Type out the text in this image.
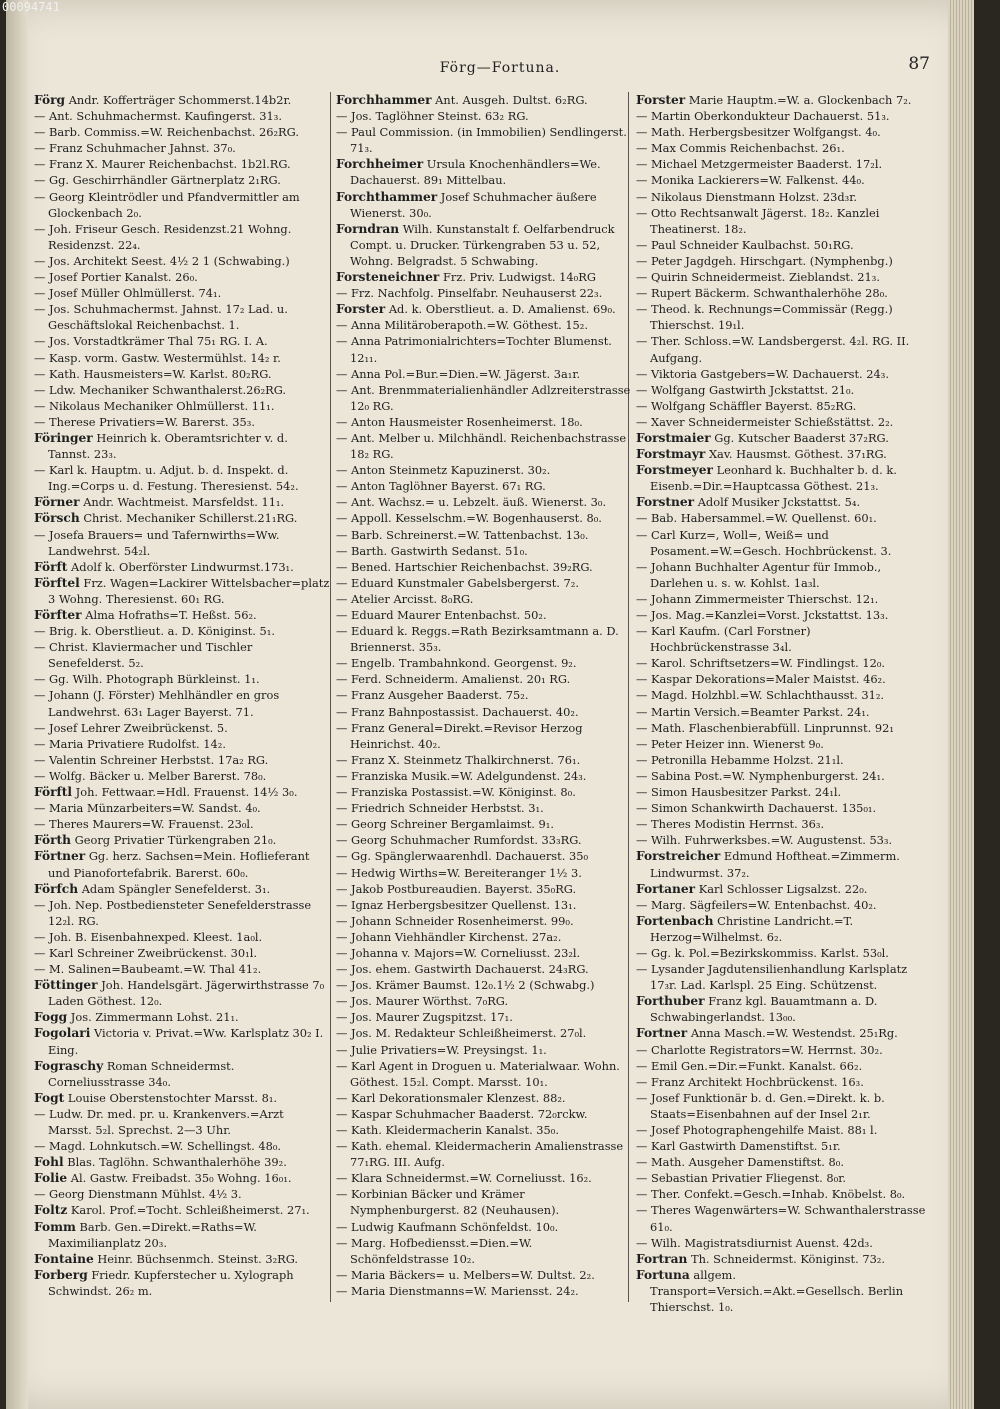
00094741
Förg—Fortuna.	87

Förg Andr. Kofferträger Schommerst.14b2r.

— Ant. Schuhmachermst. Kaufingerst. 31₃.

— Barb. Commiss.=W. Reichenbachst. 26₂RG.

— Franz Schuhmacher Jahnst. 37₀.

— Franz X. Maurer Reichenbachst. 1b2l.RG.

— Gg. Geschirrhändler Gärtnerplatz 2₁RG.

— Georg Kleintrödler und Pfandvermittler am Glockenbach 2₀.

— Joh. Friseur Gesch. Residenzst.21 Wohng. Residenzst. 22₄.

— Jos. Architekt Seest. 4½ 2 1 (Schwabing.)

— Josef Portier Kanalst. 26₀.

— Josef Müller Ohlmüllerst. 74₁.

— Jos. Schuhmachermst. Jahnst. 17₂ Lad. u. Geschäftslokal Reichenbachst. 1.

— Jos. Vorstadtkrämer Thal 75₁ RG. I. A.

— Kasp. vorm. Gastw. Westermühlst. 14₂ r.

— Kath. Hausmeisters=W. Karlst. 80₂RG.

— Ldw. Mechaniker Schwanthalerst.26₂RG.

— Nikolaus Mechaniker Ohlmüllerst. 11₁.

— Therese Privatiers=W. Barerst. 35₃.

Föringer Heinrich k. Oberamtsrichter v. d. Tannst. 23₃.

— Karl k. Hauptm. u. Adjut. b. d. Inspekt. d. Ing.=Corps u. d. Festung. Theresienst. 54₂.

Förner Andr. Wachtmeist. Marsfeldst. 11₁.

Försch Christ. Mechaniker Schillerst.21₁RG.

— Josefa Brauers= und Tafernwirths=Ww. Landwehrst. 54₂l.

Förft Adolf k. Oberförster Lindwurmst.173₁.

Förftel Frz. Wagen=Lackirer Wittelsbacher=platz 3 Wohng. Theresienst. 60₁ RG.

Förfter Alma Hofraths=T. Heßst. 56₂.

— Brig. k. Oberstlieut. a. D. Königinst. 5₁.

— Christ. Klaviermacher und Tischler Senefelderst. 5₂.

— Gg. Wilh. Photograph Bürkleinst. 1₁.

— Johann (J. Förster) Mehlhändler en gros Landwehrst. 63₁ Lager Bayerst. 71.

— Josef Lehrer Zweibrückenst. 5.

— Maria Privatiere Rudolfst. 14₂.

— Valentin Schreiner Herbstst. 17a₂ RG.

— Wolfg. Bäcker u. Melber Barerst. 78₀.

Förftl Joh. Fettwaar.=Hdl. Frauenst. 14½ 3₀.

— Maria Münzarbeiters=W. Sandst. 4₀.

— Theres Maurers=W. Frauenst. 23₀l.

Förth Georg Privatier Türkengraben 21₀.

Förtner Gg. herz. Sachsen=Mein. Hoflieferant und Pianofortefabrik. Barerst. 60₀.

Förfch Adam Spängler Senefelderst. 3₁.

— Joh. Nep. Postbediensteter Senefelderstrasse 12₂l. RG.

— Joh. B. Eisenbahnexped. Kleest. 1a₀l.

— Karl Schreiner Zweibrückenst. 30₁l.

— M. Salinen=Baubeamt.=W. Thal 41₂.

Föttinger Joh. Handelsgärt. Jägerwirthstrasse 7₀ Laden Göthest. 12₀.

Fogg Jos. Zimmermann Lohst. 21₁.

Fogolari Victoria v. Privat.=Ww. Karlsplatz 30₂ I. Eing.

Fograschy Roman Schneidermst. Corneliusstrasse 34₀.

Fogt Louise Oberstenstochter Marsst. 8₁.

— Ludw. Dr. med. pr. u. Krankenvers.=Arzt Marsst. 5₂l. Sprechst. 2—3 Uhr.

— Magd. Lohnkutsch.=W. Schellingst. 48₀.

Fohl Blas. Taglöhn. Schwanthalerhöhe 39₂.

Folie Al. Gastw. Freibadst. 35₀ Wohng. 16₀₁.

— Georg Dienstmann Mühlst. 4½ 3.

Foltz Karol. Prof.=Tocht. Schleißheimerst. 27₁.

Fomm Barb. Gen.=Direkt.=Raths=W. Maximilianplatz 20₃.

Fontaine Heinr. Büchsenmch. Steinst. 3₂RG.

Forberg Friedr. Kupferstecher u. Xylograph Schwindst. 26₂ m.

Forchhammer Ant. Ausgeh. Dultst. 6₂RG.

— Jos. Taglöhner Steinst. 63₂ RG.

— Paul Commission. (in Immobilien) Sendlingerst. 71₃.

Forchheimer Ursula Knochenhändlers=We. Dachauerst. 89₁ Mittelbau.

Forchthammer Josef Schuhmacher äußere Wienerst. 30₀.

Forndran Wilh. Kunstanstalt f. Oelfarbendruck Compt. u. Drucker. Türkengraben 53 u. 52, Wohng. Belgradst. 5 Schwabing.

Forsteneichner Frz. Priv. Ludwigst. 14₀RG

— Frz. Nachfolg. Pinselfabr. Neuhauserst 22₃.

Forster Ad. k. Oberstlieut. a. D. Amalienst. 69₀.

— Anna Militäroberapoth.=W. Göthest. 15₂.

— Anna Patrimonialrichters=Tochter Blumenst. 12₁₁.

— Anna Pol.=Bur.=Dien.=W. Jägerst. 3a₁r.

— Ant. Brenmmaterialienhändler Adlzreiterstrasse 12₀ RG.

— Anton Hausmeister Rosenheimerst. 18₀.

— Ant. Melber u. Milchhändl. Reichenbachstrasse 18₂ RG.

— Anton Steinmetz Kapuzinerst. 30₂.

— Anton Taglöhner Bayerst. 67₁ RG.

— Ant. Wachsz.= u. Lebzelt. äuß. Wienerst. 3₀.

— Appoll. Kesselschm.=W. Bogenhauserst. 8₀.

— Barb. Schreinerst.=W. Tattenbachst. 13₀.

— Barth. Gastwirth Sedanst. 51₀.

— Bened. Hartschier Reichenbachst. 39₂RG.

— Eduard Kunstmaler Gabelsbergerst. 7₂.

— Atelier Arcisst. 8₀RG.

— Eduard Maurer Entenbachst. 50₂.

— Eduard k. Reggs.=Rath Bezirksamtmann a. D. Briennerst. 35₃.

— Engelb. Trambahnkond. Georgenst. 9₂.

— Ferd. Schneiderm. Amalienst. 20₁ RG.

— Franz Ausgeher Baaderst. 75₂.

— Franz Bahnpostassist. Dachauerst. 40₂.

— Franz General=Direkt.=Revisor Herzog Heinrichst. 40₂.

— Franz X. Steinmetz Thalkirchnerst. 76₁.

— Franziska Musik.=W. Adelgundenst. 24₃.

— Franziska Postassist.=W. Königinst. 8₀.

— Friedrich Schneider Herbstst. 3₁.

— Georg Schreiner Bergamlaimst. 9₁.

— Georg Schuhmacher Rumfordst. 33₃RG.

— Gg. Spänglerwaarenhdl. Dachauerst. 35₀

— Hedwig Wirths=W. Bereiteranger 1½ 3.

— Jakob Postbureaudien. Bayerst. 35₀RG.

— Ignaz Herbergsbesitzer Quellenst. 13₁.

— Johann Schneider Rosenheimerst. 99₀.

— Johann Viehhändler Kirchenst. 27a₂.

— Johanna v. Majors=W. Corneliusst. 23₂l.

— Jos. ehem. Gastwirth Dachauerst. 24₃RG.

— Jos. Krämer Baumst. 12₀.1½ 2 (Schwabg.)

— Jos. Maurer Wörthst. 7₀RG.

— Jos. Maurer Zugspitzst. 17₁.

— Jos. M. Redakteur Schleißheimerst. 27₀l.

— Julie Privatiers=W. Preysingst. 1₁.

— Karl Agent in Droguen u. Materialwaar. Wohn. Göthest. 15₂l. Compt. Marsst. 10₁.

— Karl Dekorationsmaler Klenzest. 88₂.

— Kaspar Schuhmacher Baaderst. 72₀rckw.

— Kath. Kleidermacherin Kanalst. 35₀.

— Kath. ehemal. Kleidermacherin Amalienstrasse 77₁RG. III. Aufg.

— Klara Schneidermst.=W. Corneliusst. 16₂.

— Korbinian Bäcker und Krämer Nymphenburgerst. 82 (Neuhausen).

— Ludwig Kaufmann Schönfeldst. 10₀.

— Marg. Hofbediensst.=Dien.=W. Schönfeldstrasse 10₂.

— Maria Bäckers= u. Melbers=W. Dultst. 2₂.

— Maria Dienstmanns=W. Mariensst. 24₂.

Forster Marie Hauptm.=W. a. Glockenbach 7₂.

— Martin Oberkondukteur Dachauerst. 51₃.

— Math. Herbergsbesitzer Wolfgangst. 4₀.

— Max Commis Reichenbachst. 26₁.

— Michael Metzgermeister Baaderst. 17₂l.

— Monika Lackierers=W. Falkenst. 44₀.

— Nikolaus Dienstmann Holzst. 23d₃r.

— Otto Rechtsanwalt Jägerst. 18₂. Kanzlei Theatinerst. 18₂.

— Paul Schneider Kaulbachst. 50₁RG.

— Peter Jagdgeh. Hirschgart. (Nymphenbg.)

— Quirin Schneidermeist. Zieblandst. 21₃.

— Rupert Bäckerm. Schwanthalerhöhe 28₀.

— Theod. k. Rechnungs=Commissär (Regg.) Thierschst. 19₁l.

— Ther. Schloss.=W. Landsbergerst. 4₂l. RG. II. Aufgang.

— Viktoria Gastgebers=W. Dachauerst. 24₃.

— Wolfgang Gastwirth Jckstattst. 21₀.

— Wolfgang Schäffler Bayerst. 85₂RG.

— Xaver Schneidermeister Schießstättst. 2₂.

Forstmaier Gg. Kutscher Baaderst 37₂RG.

Forstmayr Xav. Hausmst. Göthest. 37₁RG.

Forstmeyer Leonhard k. Buchhalter b. d. k. Eisenb.=Dir.=Hauptcassa Göthest. 21₃.

Forstner Adolf Musiker Jckstattst. 5₄.

— Bab. Habersammel.=W. Quellenst. 60₁.

— Carl Kurz=, Woll=, Weiß= und Posament.=W.=Gesch. Hochbrückenst. 3.

— Johann Buchhalter Agentur für Immob., Darlehen u. s. w. Kohlst. 1a₃l.

— Johann Zimmermeister Thierschst. 12₁.

— Jos. Mag.=Kanzlei=Vorst. Jckstattst. 13₃.

— Karl Kaufm. (Carl Forstner) Hochbrückenstrasse 3₄l.

— Karol. Schriftsetzers=W. Findlingst. 12₀.

— Kaspar Dekorations=Maler Maistst. 46₂.

— Magd. Holzhbl.=W. Schlachthausst. 31₂.

— Martin Versich.=Beamter Parkst. 24₁.

— Math. Flaschenbierabfüll. Linprunnst. 92₁

— Peter Heizer inn. Wienerst 9₀.

— Petronilla Hebamme Holzst. 21₁l.

— Sabina Post.=W. Nymphenburgerst. 24₁.

— Simon Hausbesitzer Parkst. 24₁l.

— Simon Schankwirth Dachauerst. 135₀₁.

— Theres Modistin Herrnst. 36₃.

— Wilh. Fuhrwerksbes.=W. Augustenst. 53₃.

Forstreicher Edmund Hoftheat.=Zimmerm. Lindwurmst. 37₂.

Fortaner Karl Schlosser Ligsalzst. 22₀.

— Marg. Sägfeilers=W. Entenbachst. 40₂.

Fortenbach Christine Landricht.=T. Herzog=Wilhelmst. 6₂.

— Gg. k. Pol.=Bezirkskommiss. Karlst. 53₀l.

— Lysander Jagdutensilienhandlung Karlsplatz 17₃r. Lad. Karlspl. 25 Eing. Schützenst.

Forthuber Franz kgl. Bauamtmann a. D. Schwabingerlandst. 13₀₀.

Fortner Anna Masch.=W. Westendst. 25₁Rg.

— Charlotte Registrators=W. Herrnst. 30₂.

— Emil Gen.=Dir.=Funkt. Kanalst. 66₂.

— Franz Architekt Hochbrückenst. 16₃.

— Josef Funktionär b. d. Gen.=Direkt. k. b. Staats=Eisenbahnen auf der Insel 2₁r.

— Josef Photographengehilfe Maist. 88₁ l.

— Karl Gastwirth Damenstiftst. 5₁r.

— Math. Ausgeher Damenstiftst. 8₀.

— Sebastian Privatier Fliegenst. 8₀r.

— Ther. Confekt.=Gesch.=Inhab. Knöbelst. 8₀.

— Theres Wagenwärters=W. Schwanthalerstrasse 61₀.

— Wilh. Magistratsdiurnist Auenst. 42d₃.

Fortran Th. Schneidermst. Königinst. 73₂.

Fortuna allgem. Transport=Versich.=Akt.=Gesellsch. Berlin Thierschst. 1₀.
